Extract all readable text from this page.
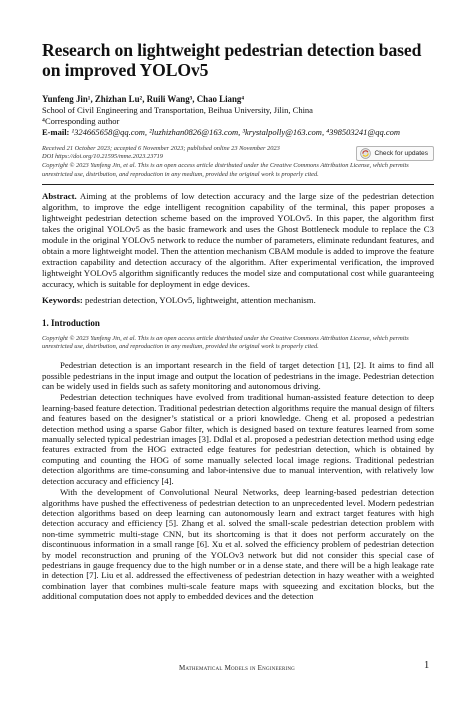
Research on lightweight pedestrian detection based on improved YOLOv5
Yunfeng Jin¹, Zhizhan Lu², Ruili Wang³, Chao Liang⁴
School of Civil Engineering and Transportation, Beihua University, Jilin, China
⁴Corresponding author
E-mail: ¹324665658@qq.com, ²luzhizhan0826@163.com, ³krystalpolly@163.com, ⁴398503241@qq.com
Received 21 October 2023; accepted 6 November 2023; published online 23 November 2023
DOI https://doi.org/10.21595/mme.2023.23719	Check for updates
Copyright © 2023 Yunfeng Jin, et al. This is an open access article distributed under the Creative Commons Attribution License, which permits unrestricted use, distribution, and reproduction in any medium, provided the original work is properly cited.
Abstract. Aiming at the problems of low detection accuracy and the large size of the pedestrian detection algorithm, to improve the edge intelligent recognition capability of the terminal, this paper proposes a lightweight pedestrian detection scheme based on the improved YOLOv5. In this paper, the algorithm first takes the original YOLOv5 as the basic framework and uses the Ghost Bottleneck module to replace the C3 module in the original YOLOv5 network to reduce the number of parameters, eliminate redundant features, and obtain a more lightweight model. Then the attention mechanism CBAM module is added to improve the feature extraction capability and detection accuracy of the algorithm. After experimental verification, the improved lightweight YOLOv5 algorithm significantly reduces the model size and computational cost while guaranteeing accuracy, which is suitable for deployment in edge devices.
Keywords: pedestrian detection, YOLOv5, lightweight, attention mechanism.
1. Introduction
Copyright © 2023 Yunfeng Jin, et al. This is an open access article distributed under the Creative Commons Attribution License, which permits unrestricted use, distribution, and reproduction in any medium, provided the original work is properly cited.

Pedestrian detection is an important research in the field of target detection [1], [2]. It aims to find all possible pedestrians in the input image and output the location of pedestrians in the image. Pedestrian detection can be widely used in fields such as safety monitoring and autonomous driving.

Pedestrian detection techniques have evolved from traditional human-assisted feature detection to deep learning-based feature detection. Traditional pedestrian detection algorithms require the manual design of filters and features based on the designer’s statistical or a priori knowledge. Cheng et al. proposed a pedestrian detection method using a sparse Gabor filter, which is designed based on texture features learned from some manually selected typical pedestrian images [3]. Ddlal et al. proposed a pedestrian detection method using edge features extracted from the HOG extracted edge features for pedestrian detection, which is obtained by computing and counting the HOG of some manually selected local image regions. Traditional pedestrian detection algorithms are time-consuming and labor-intensive due to manual intervention, with relatively low detection accuracy and efficiency [4].

With the development of Convolutional Neural Networks, deep learning-based pedestrian detection algorithms have pushed the effectiveness of pedestrian detection to an unprecedented level. Modern pedestrian detection algorithms based on deep learning can autonomously learn and extract target features with high detection accuracy and efficiency [5]. Zhang et al. solved the small-scale pedestrian detection problem with non-time symmetric multi-stage CNN, but its shortcoming is that it does not perform accurately on the discontinuous information in a small range [6]. Xu et al. solved the efficiency problem of pedestrian detection by model reconstruction and pruning of the YOLOv3 network but did not consider this special case of pedestrians in gauge frequency due to the high number or in a dense state, and there will be a high leakage rate in detection [7]. Liu et al. addressed the effectiveness of pedestrian detection in hazy weather with a weighted combination layer that combines multi-scale feature maps with squeezing and excitation blocks, but the additional computation does not apply to embedded devices and the detection

Mathematical Models in Engineering	1
